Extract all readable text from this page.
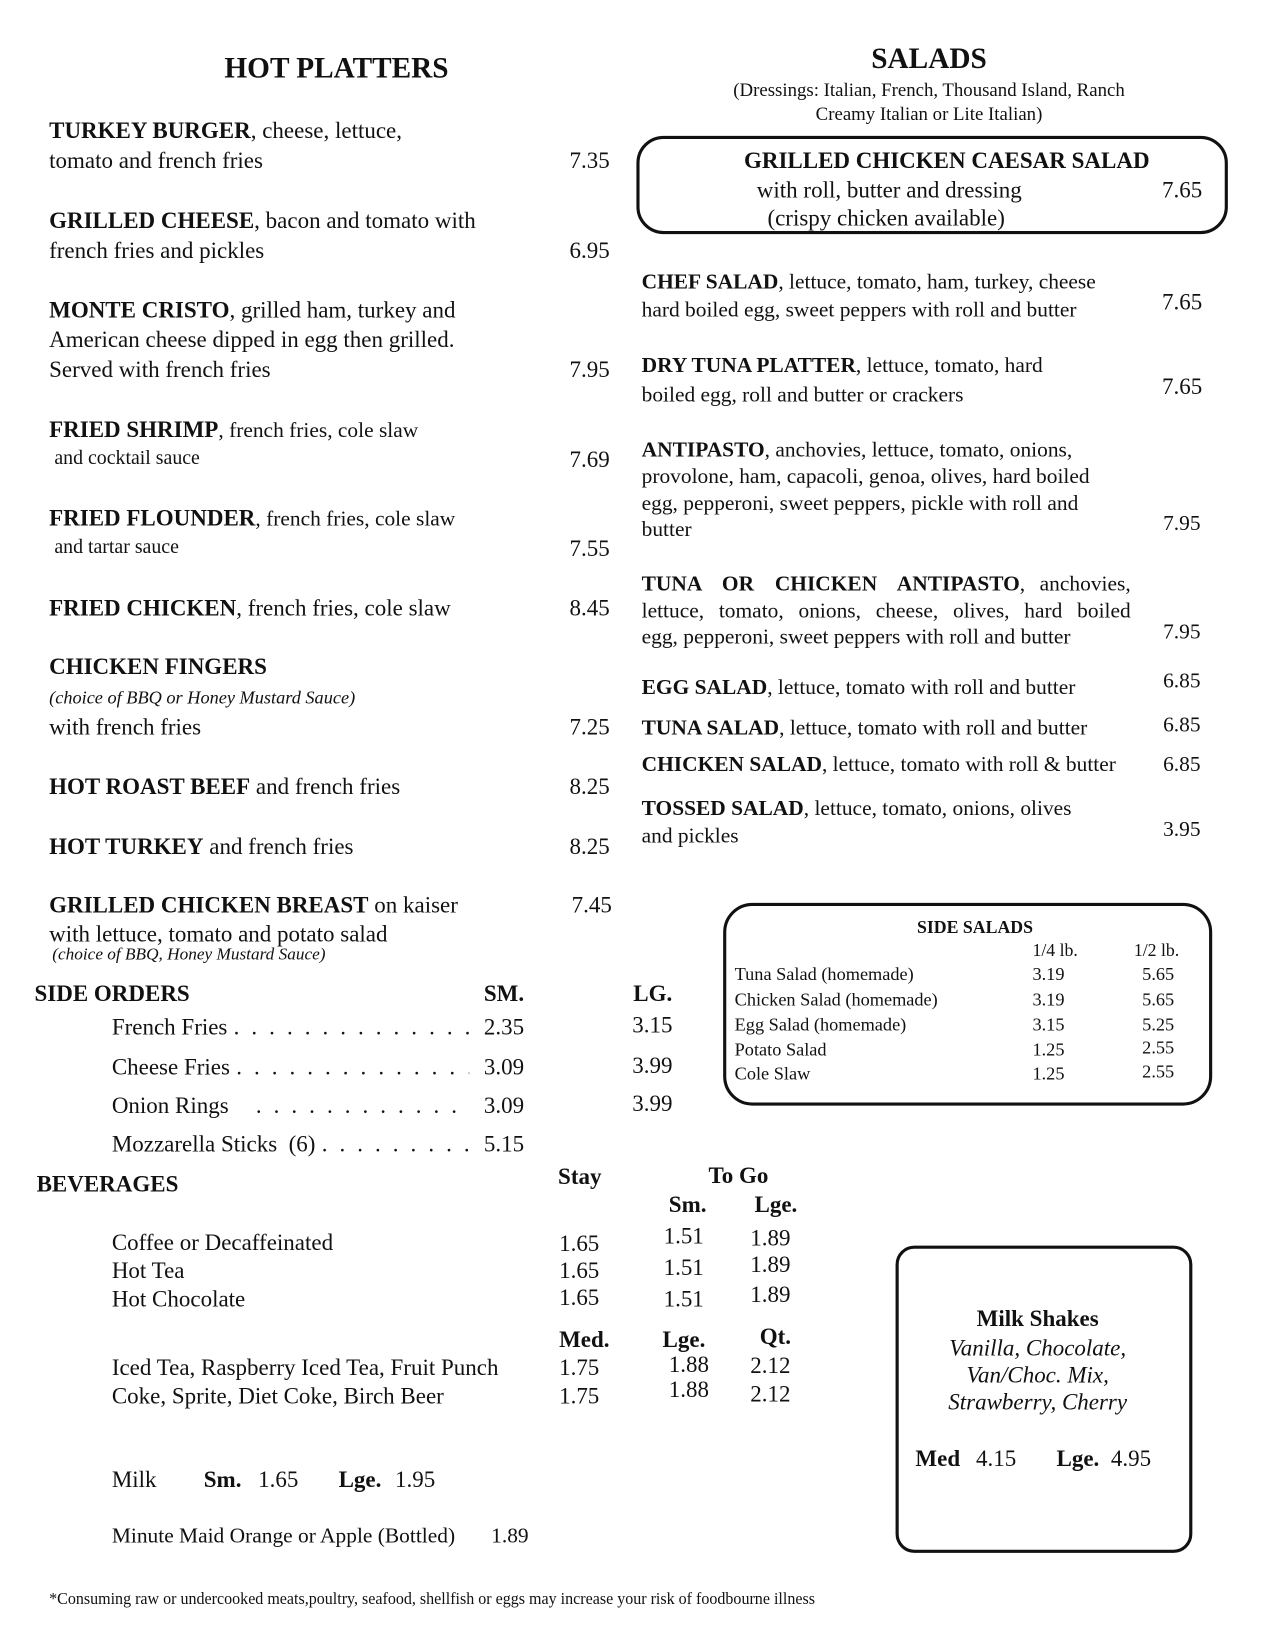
HOT PLATTERS
TURKEY BURGER, cheese, lettuce,
tomato and french fries	7.35
GRILLED CHEESE, bacon and tomato with
french fries and pickles	6.95
MONTE CRISTO, grilled ham, turkey and
American cheese dipped in egg then grilled.
Served with french fries	7.95
FRIED SHRIMP, french fries, cole slaw
and cocktail sauce	7.69
FRIED FLOUNDER, french fries, cole slaw
and tartar sauce	7.55
FRIED CHICKEN, french fries, cole slaw	8.45
CHICKEN FINGERS
(choice of BBQ or Honey Mustard Sauce)
with french fries	7.25
HOT ROAST BEEF and french fries	8.25
HOT TURKEY and french fries	8.25
GRILLED CHICKEN BREAST on kaiser
with lettuce, tomato and potato salad
(choice of BBQ, Honey Mustard Sauce)
7.45
SALADS
(Dressings: Italian, French, Thousand Island, Ranch
Creamy Italian or Lite Italian)
GRILLED CHICKEN CAESAR SALAD
with roll, butter and dressing
(crispy chicken available)
7.65
CHEF SALAD, lettuce, tomato, ham, turkey, cheese
hard boiled egg, sweet peppers with roll and butter	7.65
DRY TUNA PLATTER, lettuce, tomato, hard
boiled egg, roll and butter or crackers	7.65
ANTIPASTO, anchovies, lettuce, tomato, onions,
provolone, ham, capacoli, genoa, olives, hard boiled
egg, pepperoni, sweet peppers, pickle with roll and
butter	7.95
TUNA OR CHICKEN ANTIPASTO, anchovies,
lettuce, tomato, onions, cheese, olives, hard boiled
egg, pepperoni, sweet peppers with roll and butter	7.95
EGG SALAD, lettuce, tomato with roll and butter	6.85
TUNA SALAD, lettuce, tomato with roll and butter	6.85
CHICKEN SALAD, lettuce, tomato with roll & butter 6.85
TOSSED SALAD, lettuce, tomato, onions, olives
and pickles	3.95
SIDE SALADS
1/4 lb.	1/2 lb.
Tuna Salad (homemade)	3.19	5.65
Chicken Salad (homemade)	3.19	5.65
Egg Salad (homemade)	3.15	5.25
Potato Salad	1.25	2.55
Cole Slaw	1.25	2.55
SIDE ORDERS	SM.	LG.
French Fries . . .	2.35	3.15
Cheese Fries . . .	3.09	3.99
Onion Rings . . .	3.09	3.99
Mozzarella Sticks  (6) . . .	5.15
BEVERAGES	Stay	To Go
Sm. Lge.
Coffee or Decaffeinated	1.65	1.51 1.89
Hot Tea	1.65	1.51 1.89
Hot Chocolate	1.65	1.51 1.89
Med. Lge. Qt.
Iced Tea, Raspberry Iced Tea, Fruit Punch	1.75	1.88 2.12
Coke, Sprite, Diet Coke, Birch Beer	1.75	1.88 2.12
Milk Sm. 1.65 Lge. 1.95
Minute Maid Orange or Apple (Bottled) 1.89
Milk Shakes
Vanilla, Chocolate,
Van/Choc. Mix,
Strawberry, Cherry
Med 4.15 Lge. 4.95
*Consuming raw or undercooked meats,poultry, seafood, shellfish or eggs may increase your risk of foodbourne illness
